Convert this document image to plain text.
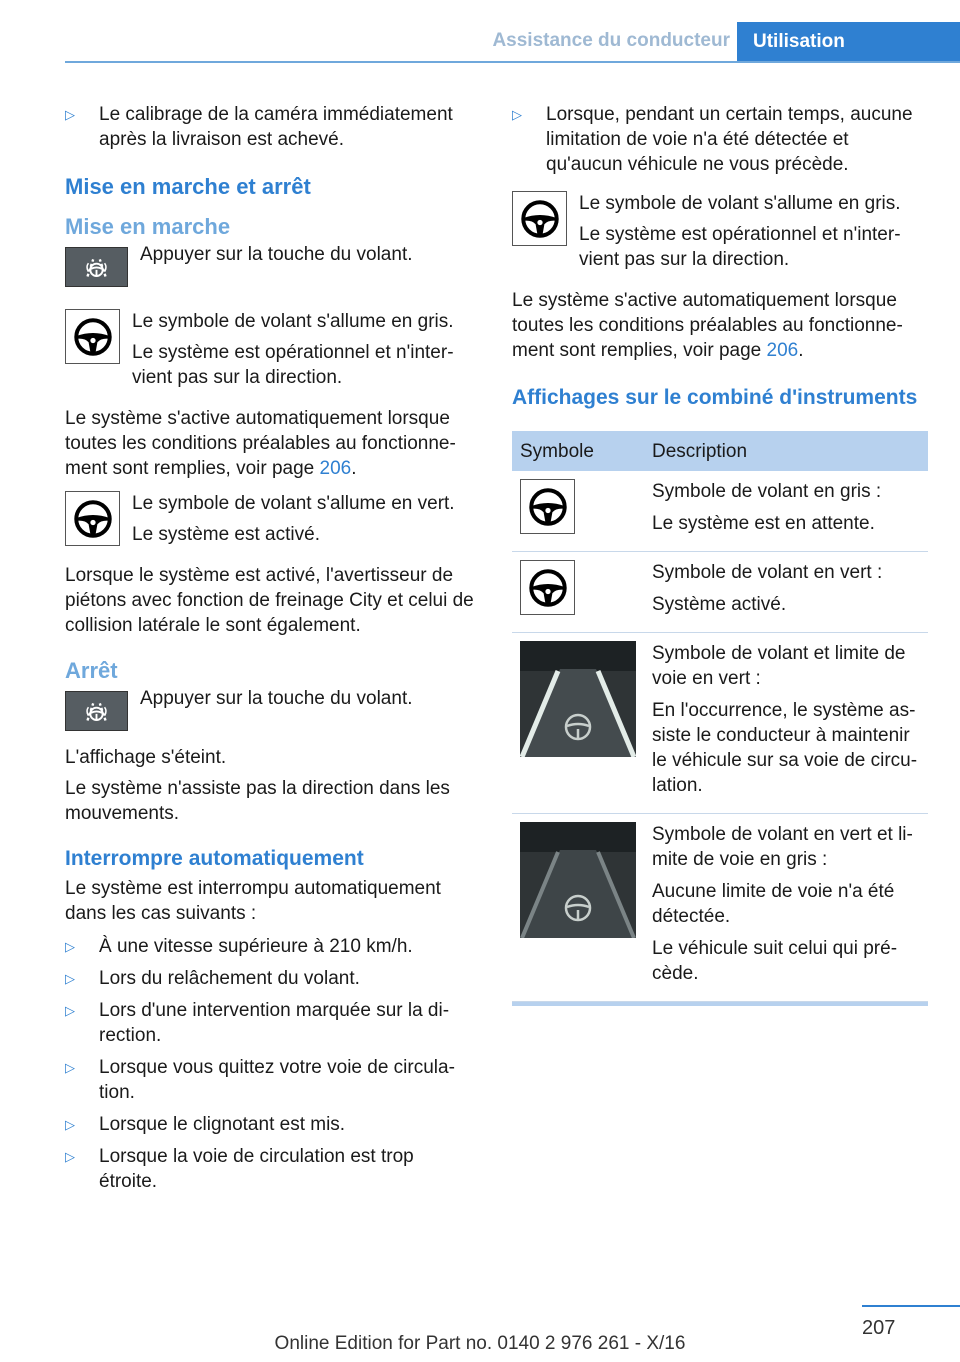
Assistance du conducteur	Utilisation
▷ Le calibrage de la caméra immédiatement après la livraison est achevé.
Mise en marche et arrêt
Mise en marche

Appuyer sur la touche du volant.

Le symbole de volant s'allume en gris.

Le système est opérationnel et n'intervient pas sur la direction.

Le système s'active automatiquement lorsque toutes les conditions préalables au fonctionnement sont remplies, voir page 206.

Le symbole de volant s'allume en vert.

Le système est activé.

Lorsque le système est activé, l'avertisseur de piétons avec fonction de freinage City et celui de collision latérale le sont également.

Arrêt

Appuyer sur la touche du volant.

L'affichage s'éteint.

Le système n'assiste pas la direction dans les mouvements.

Interrompre automatiquement

Le système est interrompu automatiquement dans les cas suivants :

▷ À une vitesse supérieure à 210 km/h.
▷ Lors du relâchement du volant.
▷ Lors d'une intervention marquée sur la direction.
▷ Lorsque vous quittez votre voie de circulation.
▷ Lorsque le clignotant est mis.
▷ Lorsque la voie de circulation est trop étroite.
▷ Lorsque, pendant un certain temps, aucune limitation de voie n'a été détectée et qu'aucun véhicule ne vous précède.

Le symbole de volant s'allume en gris.

Le système est opérationnel et n'intervient pas sur la direction.

Le système s'active automatiquement lorsque toutes les conditions préalables au fonctionnement sont remplies, voir page 206.

Affichages sur le combiné d'instruments
Symbole	Description

Symbole de volant en gris :

Le système est en attente.

Symbole de volant en vert :

Système activé.

Symbole de volant et limite de voie en vert :

En l'occurrence, le système assiste le conducteur à maintenir le véhicule sur sa voie de circulation.

Symbole de volant en vert et limite de voie en gris :

Aucune limite de voie n'a été détectée.

Le véhicule suit celui qui précède.

207
Online Edition for Part no. 0140 2 976 261 - X/16
